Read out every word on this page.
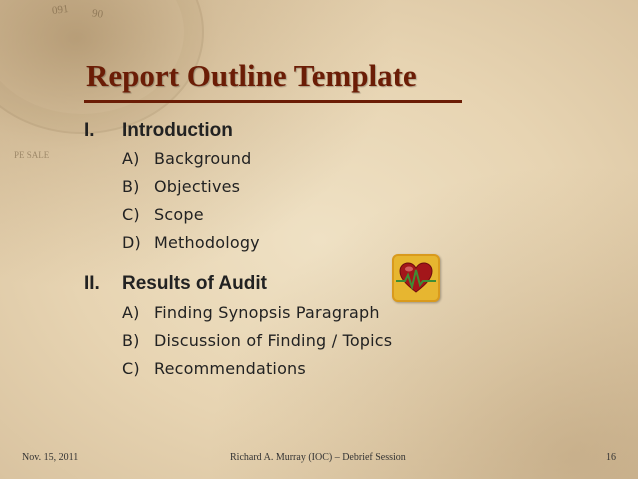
091 90
PE SALE
Report Outline Template
I. Introduction
A) Background
B) Objectives
C) Scope
D) Methodology
II. Results of Audit
A) Finding Synopsis Paragraph
B) Discussion of Finding / Topics
C) Recommendations
Nov. 15, 2011	Richard A. Murray (IOC) – Debrief Session	16
